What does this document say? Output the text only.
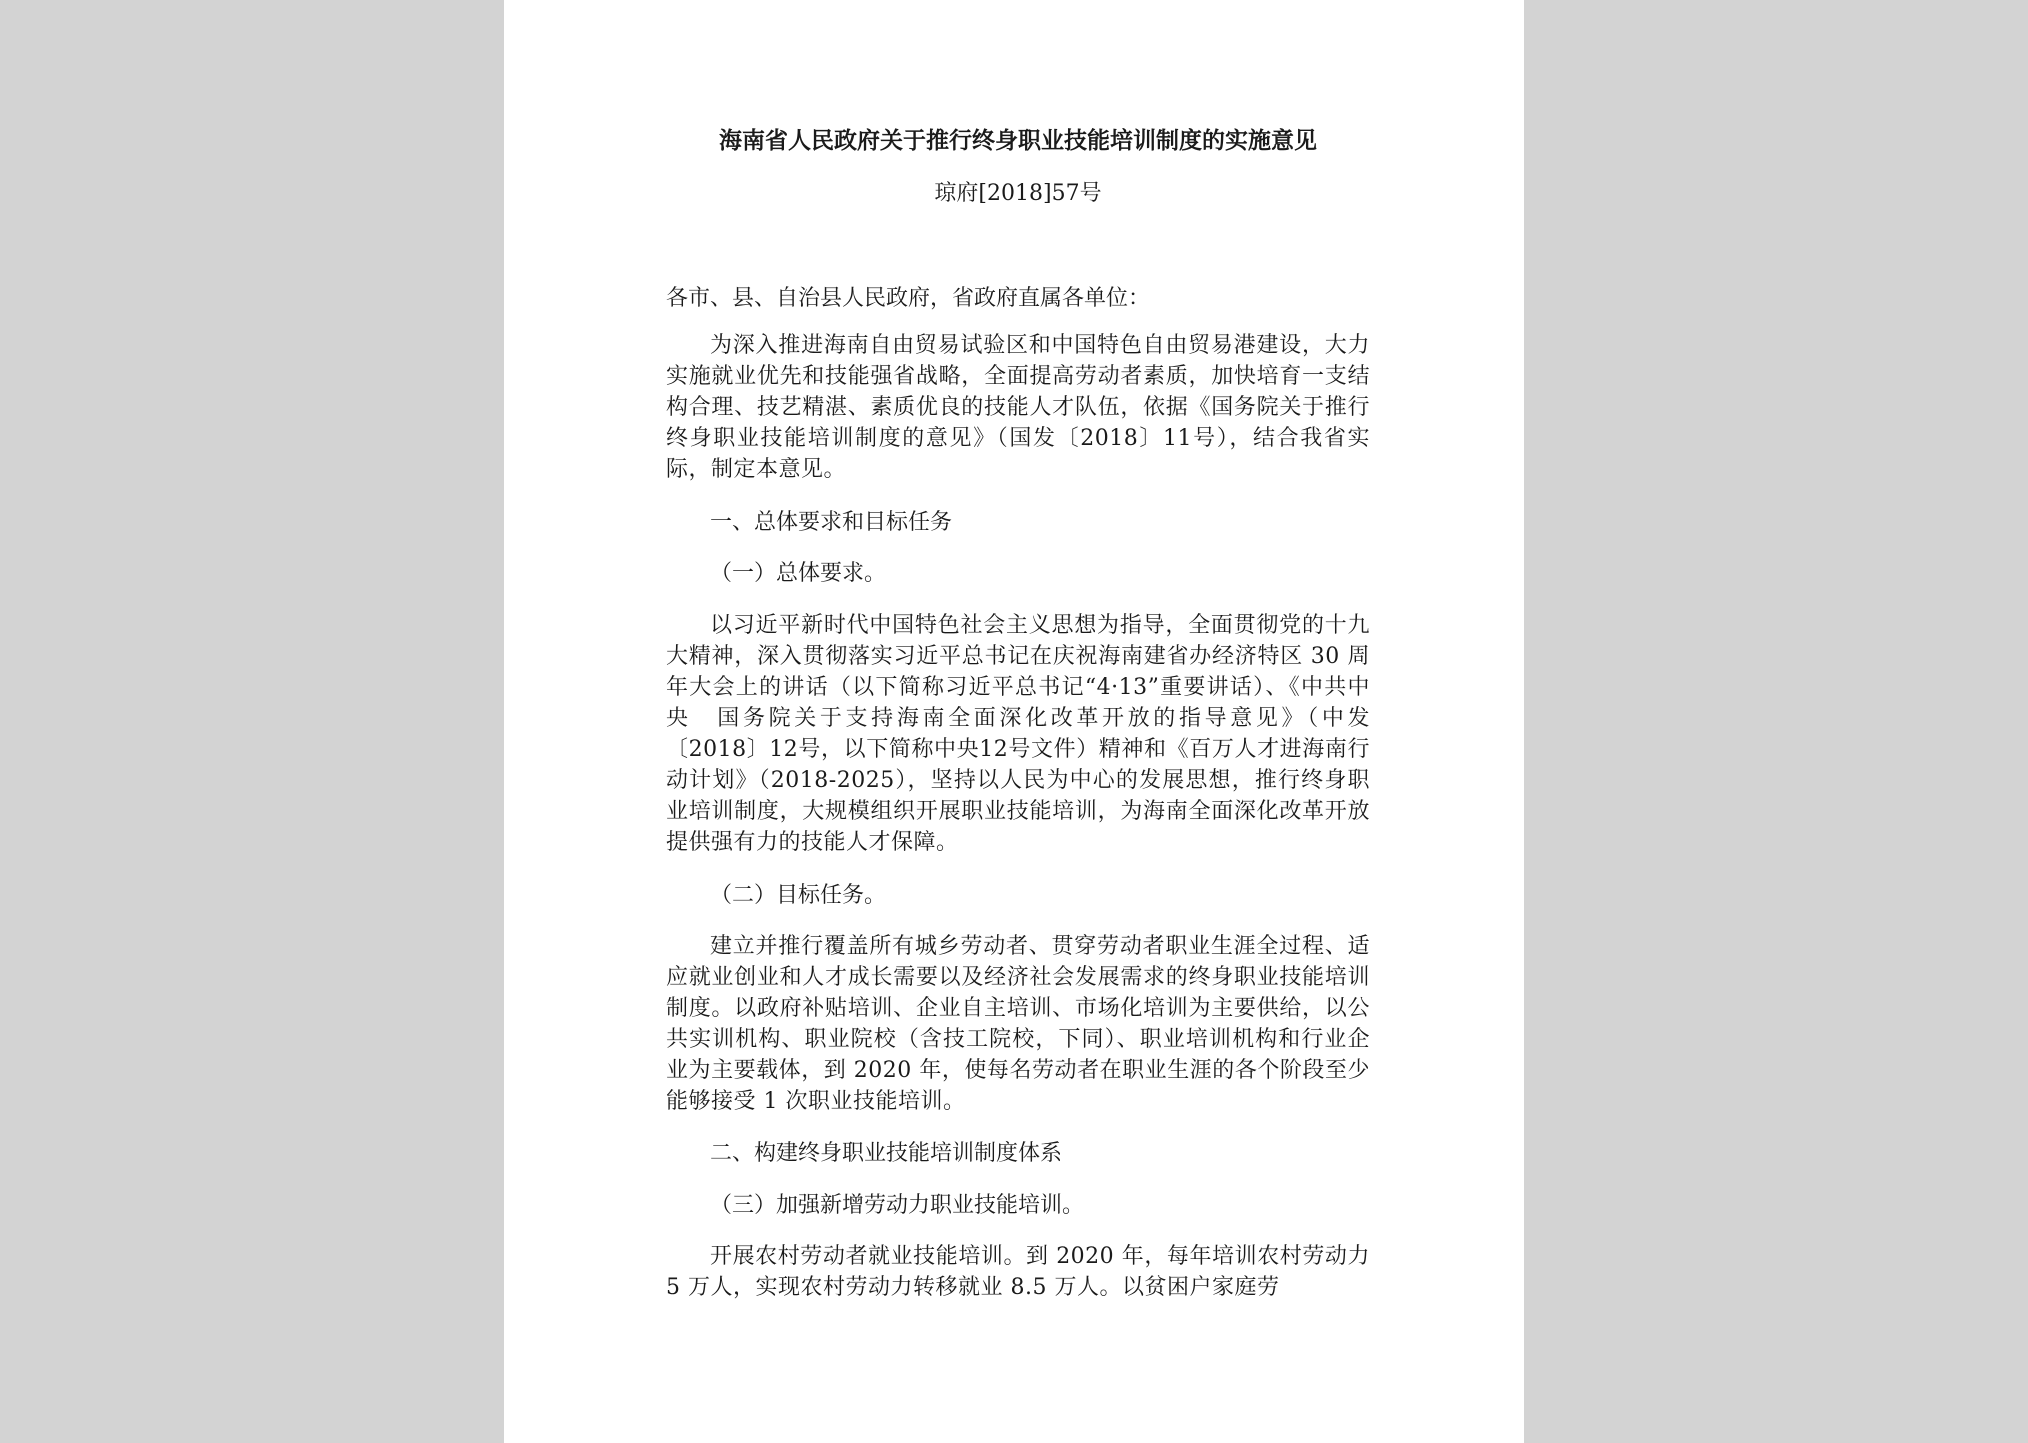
海南省人民政府关于推行终身职业技能培训制度的实施意见
琼府[2018]57号
各市、县、自治县人民政府，省政府直属各单位：
为深入推进海南自由贸易试验区和中国特色自由贸易港建设，大力实施就业优先和技能强省战略，全面提高劳动者素质，加快培育一支结构合理、技艺精湛、素质优良的技能人才队伍，依据《国务院关于推行终身职业技能培训制度的意见》（国发〔2018〕11号），结合我省实际，制定本意见。
一、总体要求和目标任务
（一）总体要求。
以习近平新时代中国特色社会主义思想为指导，全面贯彻党的十九大精神，深入贯彻落实习近平总书记在庆祝海南建省办经济特区 30 周年大会上的讲话（以下简称习近平总书记“4·13”重要讲话）、《中共中央　国务院关于支持海南全面深化改革开放的指导意见》（中发〔2018〕12号，以下简称中央12号文件）精神和《百万人才进海南行动计划》（2018-2025），坚持以人民为中心的发展思想，推行终身职业培训制度，大规模组织开展职业技能培训，为海南全面深化改革开放提供强有力的技能人才保障。
（二）目标任务。
建立并推行覆盖所有城乡劳动者、贯穿劳动者职业生涯全过程、适应就业创业和人才成长需要以及经济社会发展需求的终身职业技能培训制度。以政府补贴培训、企业自主培训、市场化培训为主要供给，以公共实训机构、职业院校（含技工院校，下同）、职业培训机构和行业企业为主要载体，到 2020 年，使每名劳动者在职业生涯的各个阶段至少能够接受 1 次职业技能培训。
二、构建终身职业技能培训制度体系
（三）加强新增劳动力职业技能培训。
开展农村劳动者就业技能培训。到 2020 年，每年培训农村劳动力 5 万人，实现农村劳动力转移就业 8.5 万人。以贫困户家庭劳
